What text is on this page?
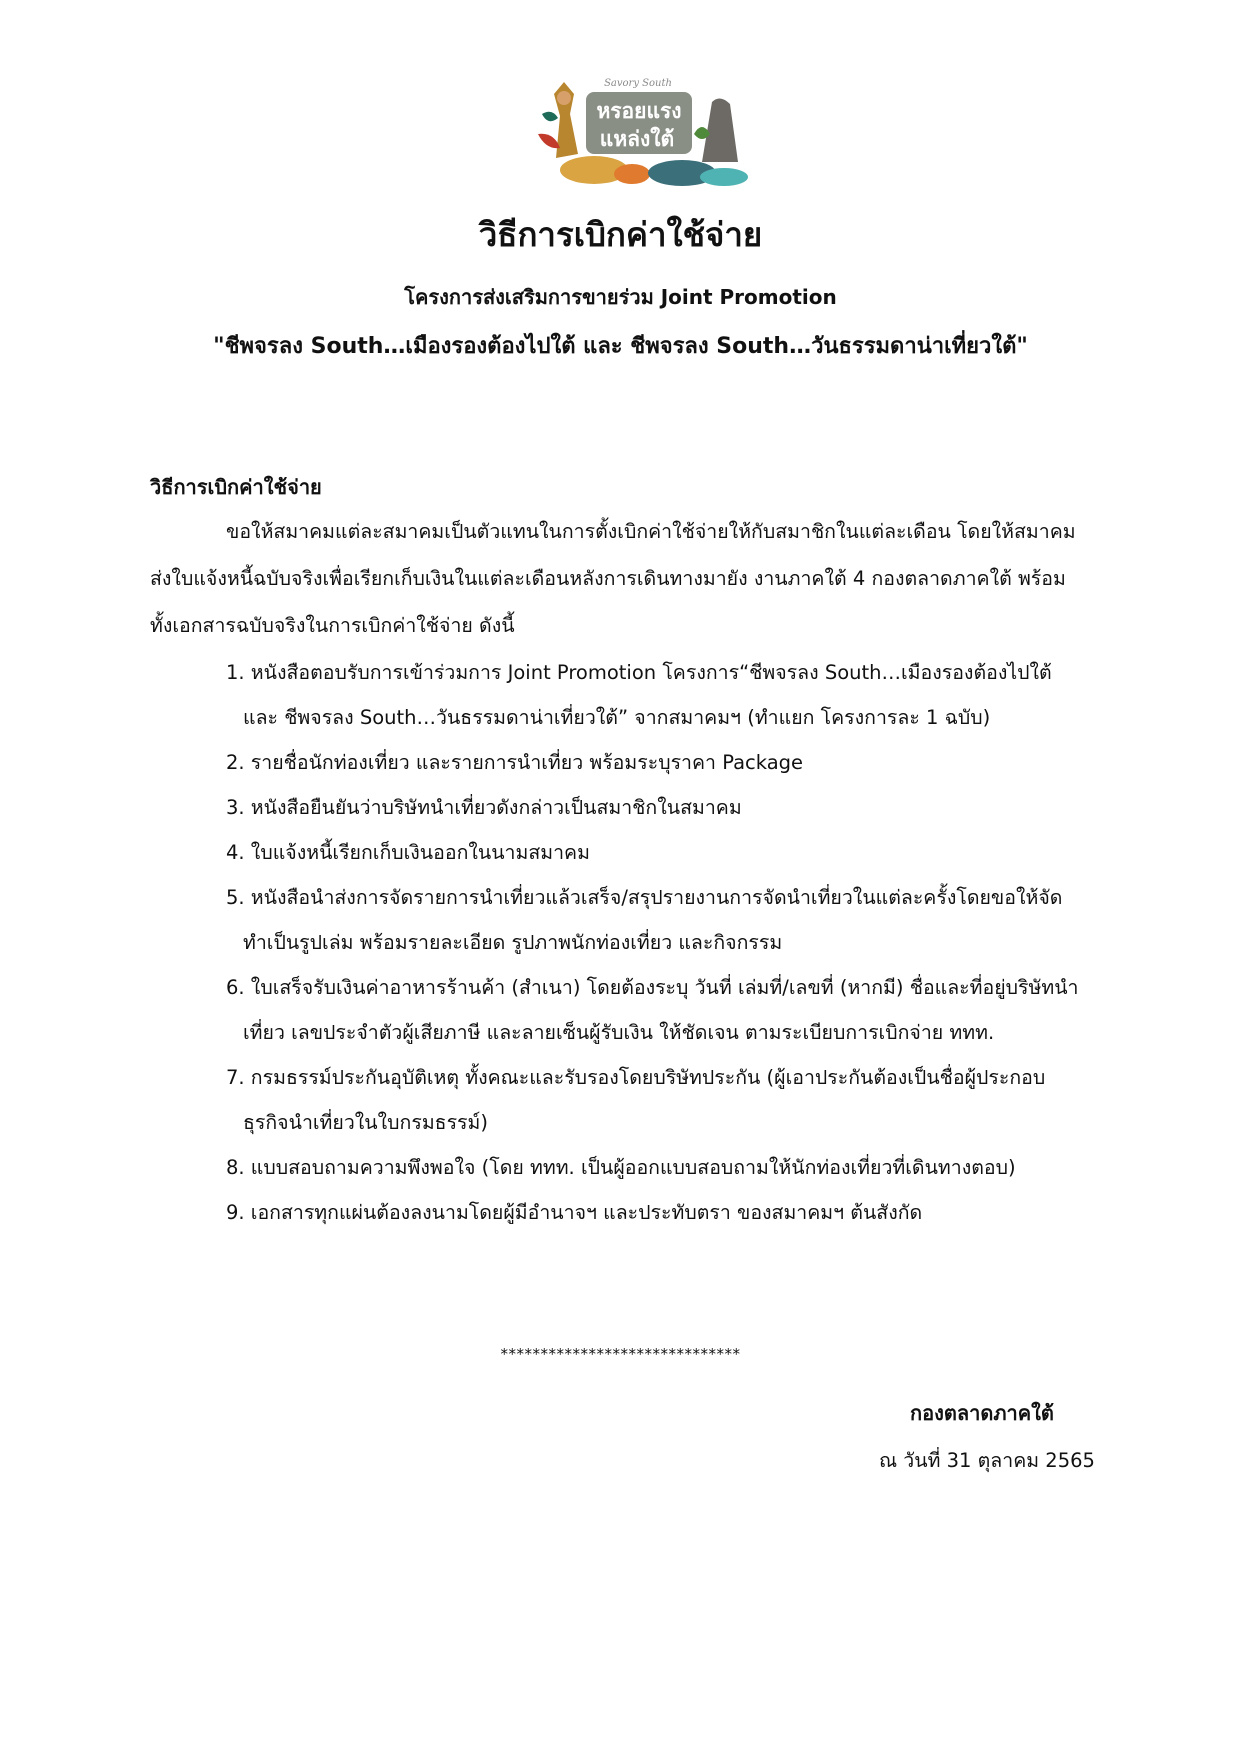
Savory South
หรอยแรง
แหล่งใต้
วิธีการเบิกค่าใช้จ่าย

โครงการส่งเสริมการขายร่วม Joint Promotion

"ชีพจรลง South…เมืองรองต้องไปใต้ และ ชีพจรลง South…วันธรรมดาน่าเที่ยวใต้"

วิธีการเบิกค่าใช้จ่าย

ขอให้สมาคมแต่ละสมาคมเป็นตัวแทนในการตั้งเบิกค่าใช้จ่ายให้กับสมาชิกในแต่ละเดือน โดยให้สมาคมส่งใบแจ้งหนี้ฉบับจริงเพื่อเรียกเก็บเงินในแต่ละเดือนหลังการเดินทางมายัง งานภาคใต้ 4 กองตลาดภาคใต้ พร้อมทั้งเอกสารฉบับจริงในการเบิกค่าใช้จ่าย ดังนี้

1. หนังสือตอบรับการเข้าร่วมการ Joint Promotion โครงการ“ชีพจรลง South…เมืองรองต้องไปใต้ และ ชีพจรลง South…วันธรรมดาน่าเที่ยวใต้” จากสมาคมฯ (ทำแยก โครงการละ 1 ฉบับ)
2. รายชื่อนักท่องเที่ยว และรายการนำเที่ยว พร้อมระบุราคา Package
3. หนังสือยืนยันว่าบริษัทนำเที่ยวดังกล่าวเป็นสมาชิกในสมาคม
4. ใบแจ้งหนี้เรียกเก็บเงินออกในนามสมาคม
5. หนังสือนำส่งการจัดรายการนำเที่ยวแล้วเสร็จ/สรุปรายงานการจัดนำเที่ยวในแต่ละครั้งโดยขอให้จัดทำเป็นรูปเล่ม พร้อมรายละเอียด รูปภาพนักท่องเที่ยว และกิจกรรม
6. ใบเสร็จรับเงินค่าอาหารร้านค้า (สำเนา) โดยต้องระบุ วันที่ เล่มที่/เลขที่ (หากมี) ชื่อและที่อยู่บริษัทนำเที่ยว เลขประจำตัวผู้เสียภาษี และลายเซ็นผู้รับเงิน ให้ชัดเจน ตามระเบียบการเบิกจ่าย ททท.
7. กรมธรรม์ประกันอุบัติเหตุ ทั้งคณะและรับรองโดยบริษัทประกัน (ผู้เอาประกันต้องเป็นชื่อผู้ประกอบธุรกิจนำเที่ยวในใบกรมธรรม์)
8. แบบสอบถามความพึงพอใจ (โดย ททท. เป็นผู้ออกแบบสอบถามให้นักท่องเที่ยวที่เดินทางตอบ)
9. เอกสารทุกแผ่นต้องลงนามโดยผู้มีอำนาจฯ และประทับตรา ของสมาคมฯ ต้นสังกัด

******************************

กองตลาดภาคใต้

ณ วันที่ 31 ตุลาคม 2565
